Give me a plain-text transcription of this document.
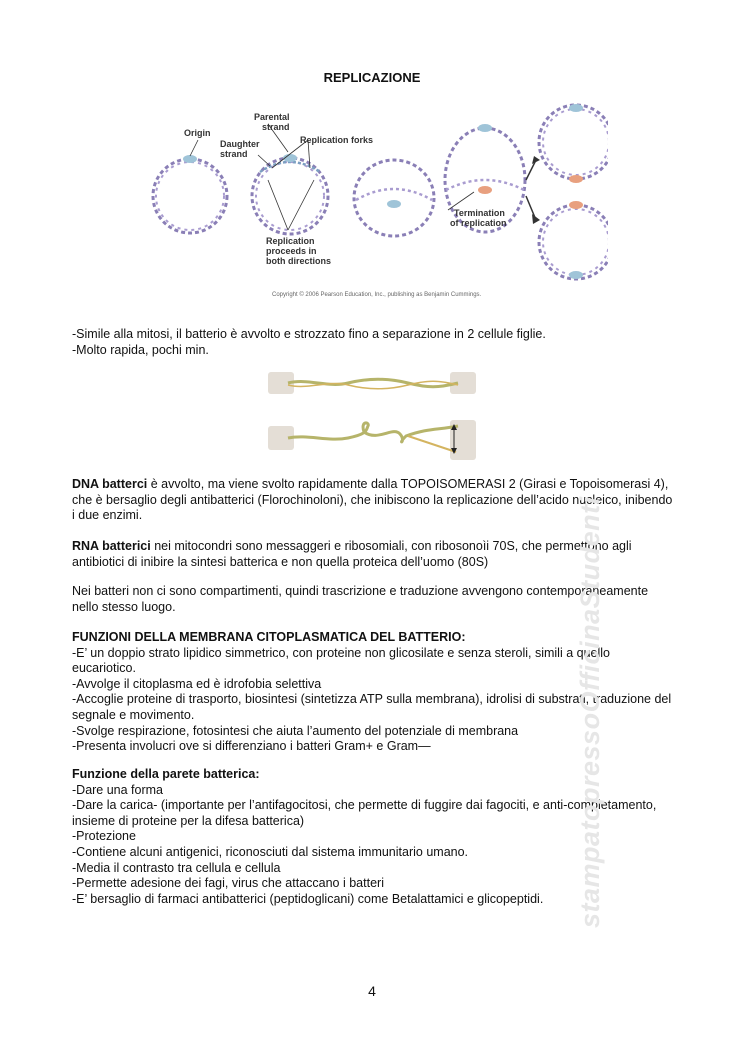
REPLICAZIONE
Origin
Parental
strand
Daughter
strand
Replication forks
Replication
proceeds in
both directions
Termination
of replication
Copyright © 2006 Pearson Education, Inc., publishing as Benjamin Cummings.

-Simile alla mitosi, il batterio è avvolto e strozzato fino a separazione in 2 cellule figlie.

-Molto rapida, pochi min.

DNA batterci è avvolto, ma viene svolto rapidamente dalla TOPOISOMERASI 2 (Girasi e Topoisomerasi 4), che è bersaglio degli antibatterici (Florochinoloni), che inibiscono la replicazione dell’acido nucleico, inibendo i due enzimi.

RNA batterici nei mitocondri sono messaggeri e ribosomiali, con ribosonoìi 70S, che permettono agli antibiotici di inibire la sintesi batterica e non quella proteica dell’uomo (80S)

Nei batteri non ci sono compartimenti, quindi trascrizione e traduzione avvengono contemporaneamente nello stesso luogo.

FUNZIONI DELLA MEMBRANA CITOPLASMATICA DEL BATTERIO:

-E’ un doppio strato lipidico simmetrico, con proteine non glicosilate e senza steroli, simili a quello eucariotico.

-Avvolge il citoplasma ed è idrofobia selettiva

-Accoglie proteine di trasporto, biosintesi (sintetizza ATP sulla membrana), idrolisi di substrati, traduzione del segnale e movimento.

-Svolge respirazione, fotosintesi che aiuta l’aumento del potenziale di membrana

-Presenta involucri ove si differenziano i batteri Gram+ e Gram—

Funzione della parete batterica:

-Dare una forma

-Dare la carica- (importante per l’antifagocitosi, che permette di fuggire dai fagociti, e anti-completamento, insieme di proteine per la difesa batterica)

-Protezione

-Contiene alcuni antigenici, riconosciuti dal sistema immunitario umano.

-Media il contrasto tra cellula e cellula

-Permette adesione dei fagi, virus che attaccano i batteri

-E’ bersaglio di farmaci antibatterici (peptidoglicani) come Betalattamici e glicopeptidi.	stampatopressoOfficinaStudenti
4
